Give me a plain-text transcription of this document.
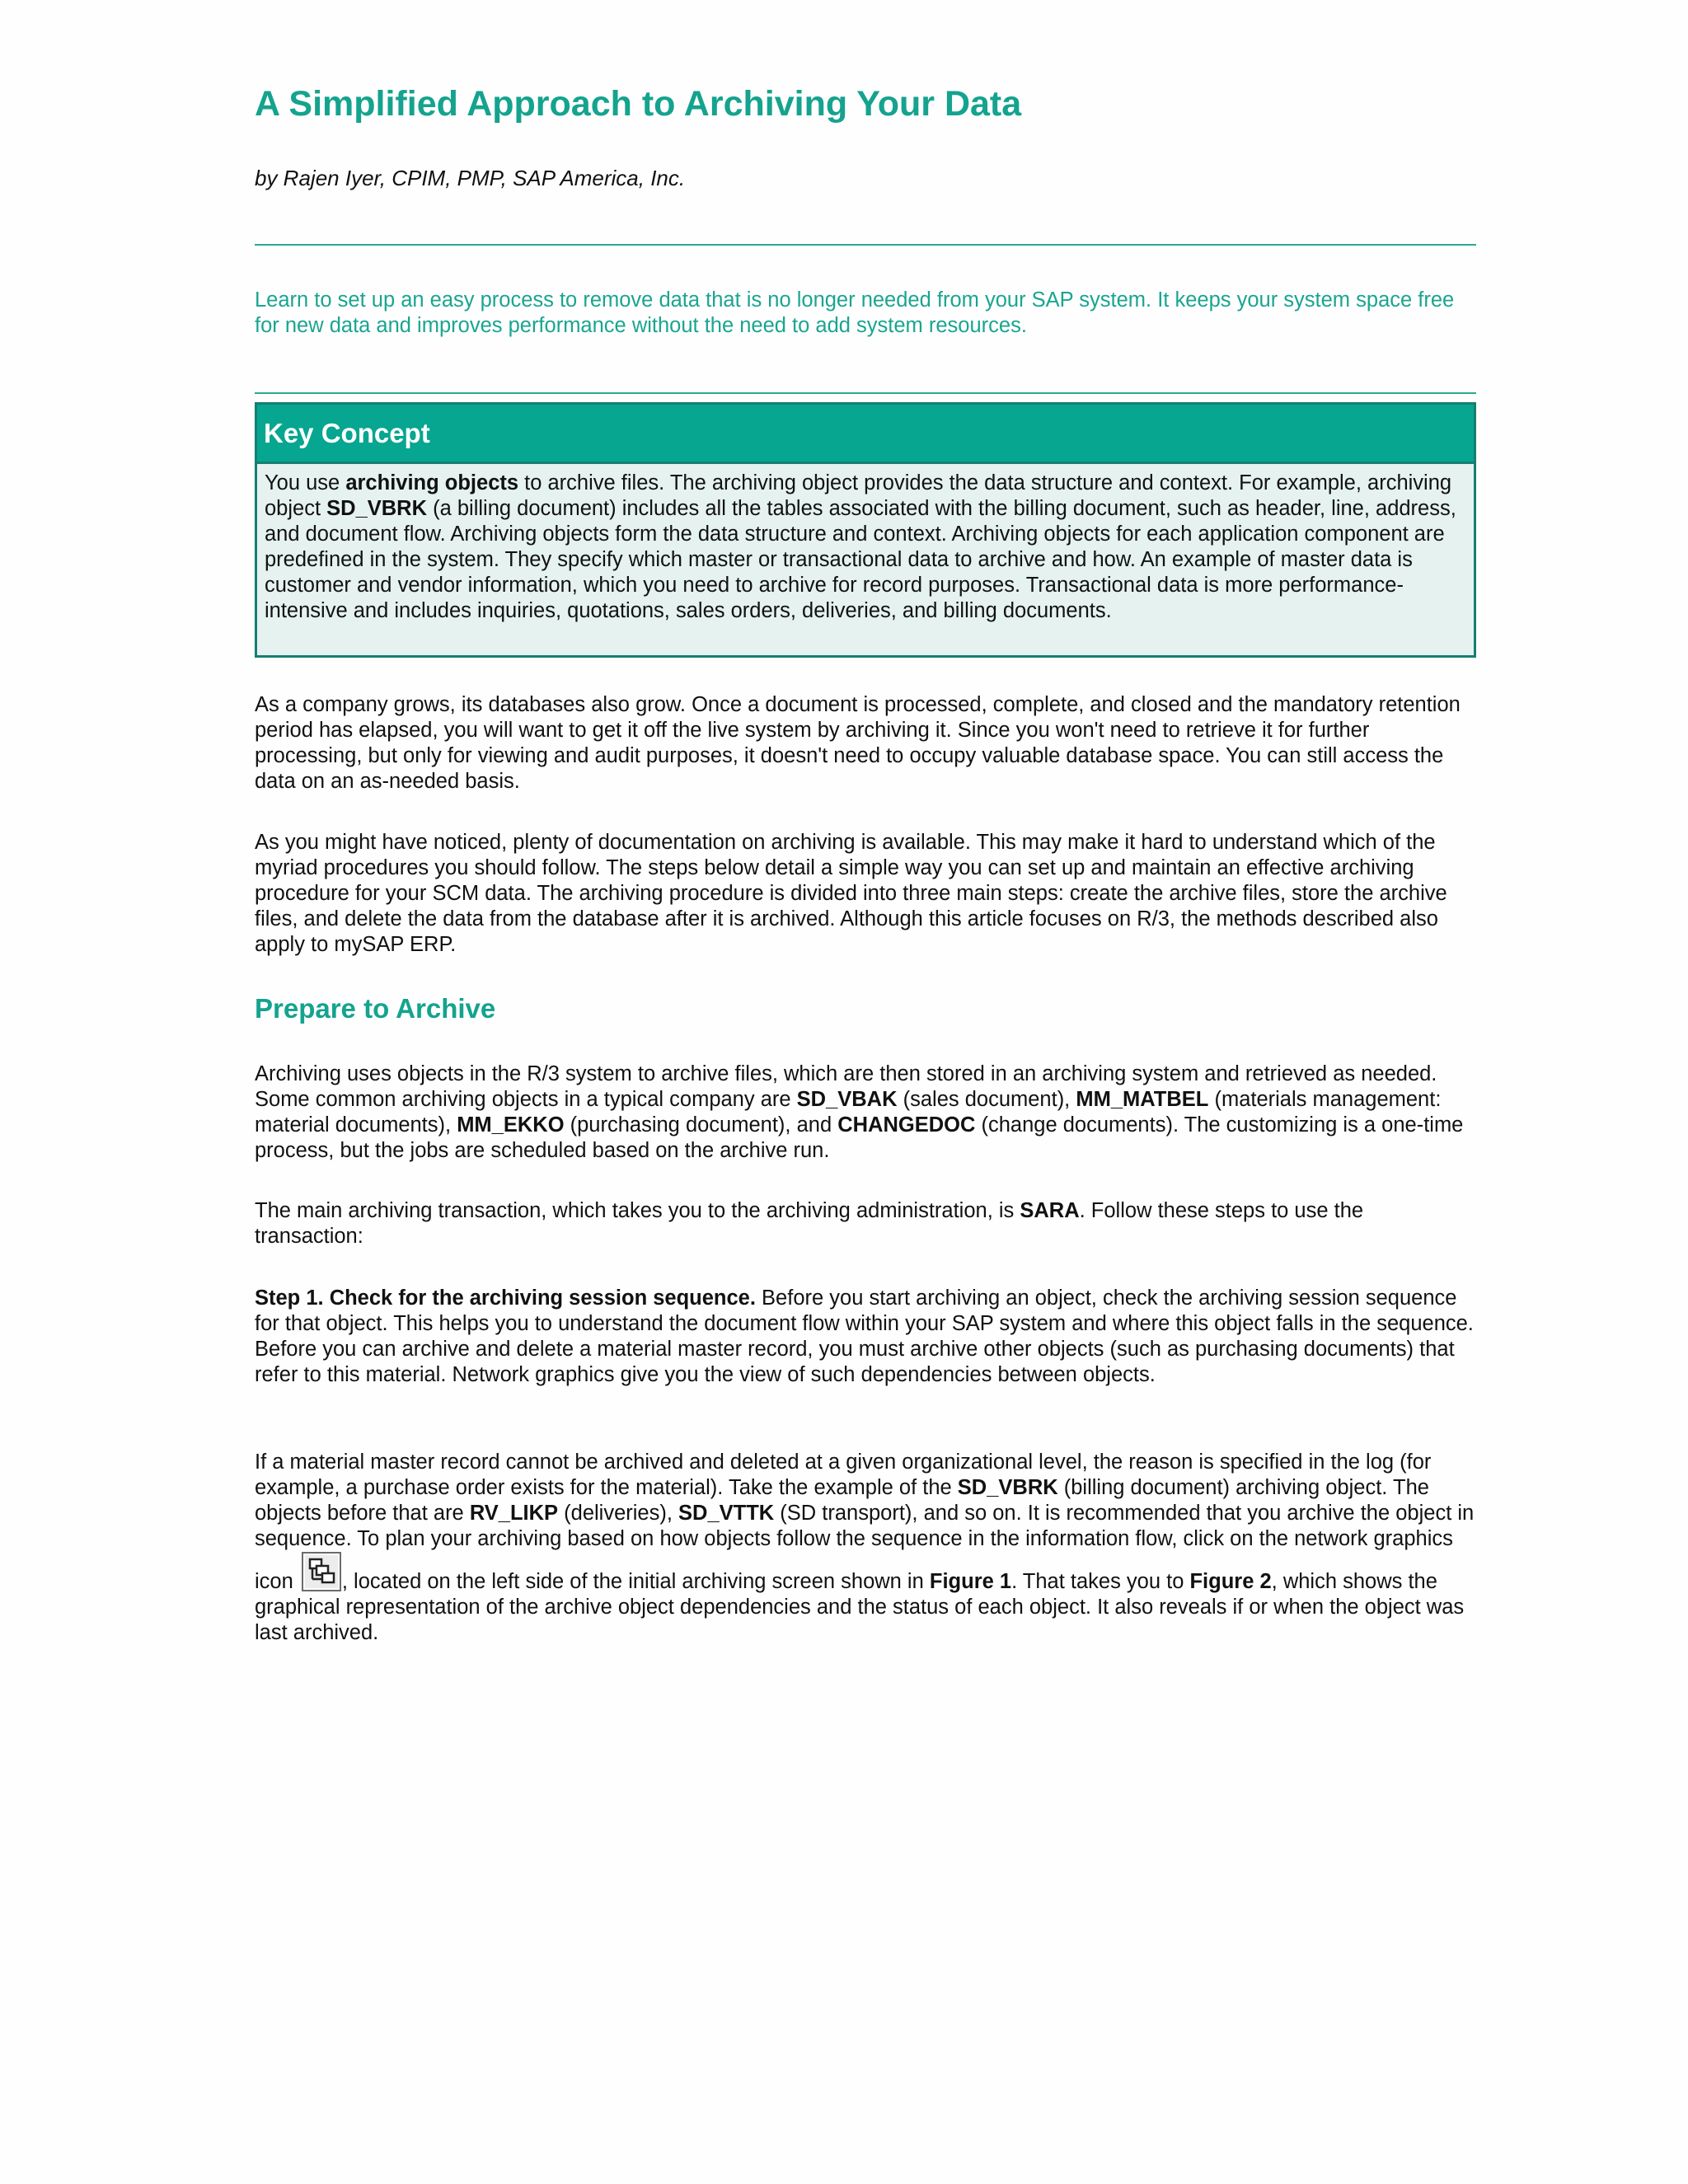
A Simplified Approach to Archiving Your Data

by Rajen Iyer, CPIM, PMP, SAP America, Inc.

Learn to set up an easy process to remove data that is no longer needed from your SAP system. It keeps your system space free for new data and improves performance without the need to add system resources.

Key Concept
You use archiving objects to archive files. The archiving object provides the data structure and context. For example, archiving object SD_VBRK (a billing document) includes all the tables associated with the billing document, such as header, line, address, and document flow. Archiving objects form the data structure and context. Archiving objects for each application component are predefined in the system. They specify which master or transactional data to archive and how. An example of master data is customer and vendor information, which you need to archive for record purposes. Transactional data is more performance-intensive and includes inquiries, quotations, sales orders, deliveries, and billing documents.

As a company grows, its databases also grow. Once a document is processed, complete, and closed and the mandatory retention period has elapsed, you will want to get it off the live system by archiving it. Since you won't need to retrieve it for further processing, but only for viewing and audit purposes, it doesn't need to occupy valuable database space. You can still access the data on an as-needed basis.

As you might have noticed, plenty of documentation on archiving is available. This may make it hard to understand which of the myriad procedures you should follow. The steps below detail a simple way you can set up and maintain an effective archiving procedure for your SCM data. The archiving procedure is divided into three main steps: create the archive files, store the archive files, and delete the data from the database after it is archived. Although this article focuses on R/3, the methods described also apply to mySAP ERP.

Prepare to Archive

Archiving uses objects in the R/3 system to archive files, which are then stored in an archiving system and retrieved as needed. Some common archiving objects in a typical company are SD_VBAK (sales document), MM_MATBEL (materials management: material documents), MM_EKKO (purchasing document), and CHANGEDOC (change documents). The customizing is a one-time process, but the jobs are scheduled based on the archive run.

The main archiving transaction, which takes you to the archiving administration, is SARA. Follow these steps to use the transaction:

Step 1. Check for the archiving session sequence. Before you start archiving an object, check the archiving session sequence for that object. This helps you to understand the document flow within your SAP system and where this object falls in the sequence. Before you can archive and delete a material master record, you must archive other objects (such as purchasing documents) that refer to this material. Network graphics give you the view of such dependencies between objects.

If a material master record cannot be archived and deleted at a given organizational level, the reason is specified in the log (for example, a purchase order exists for the material). Take the example of the SD_VBRK (billing document) archiving object. The objects before that are RV_LIKP (deliveries), SD_VTTK (SD transport), and so on. It is recommended that you archive the object in sequence. To plan your archiving based on how objects follow the sequence in the information flow, click on the network graphics icon
, located on the left side of the initial archiving screen shown in Figure 1. That takes you to Figure 2, which shows the graphical representation of the archive object dependencies and the status of each object. It also reveals if or when the object was last archived.
